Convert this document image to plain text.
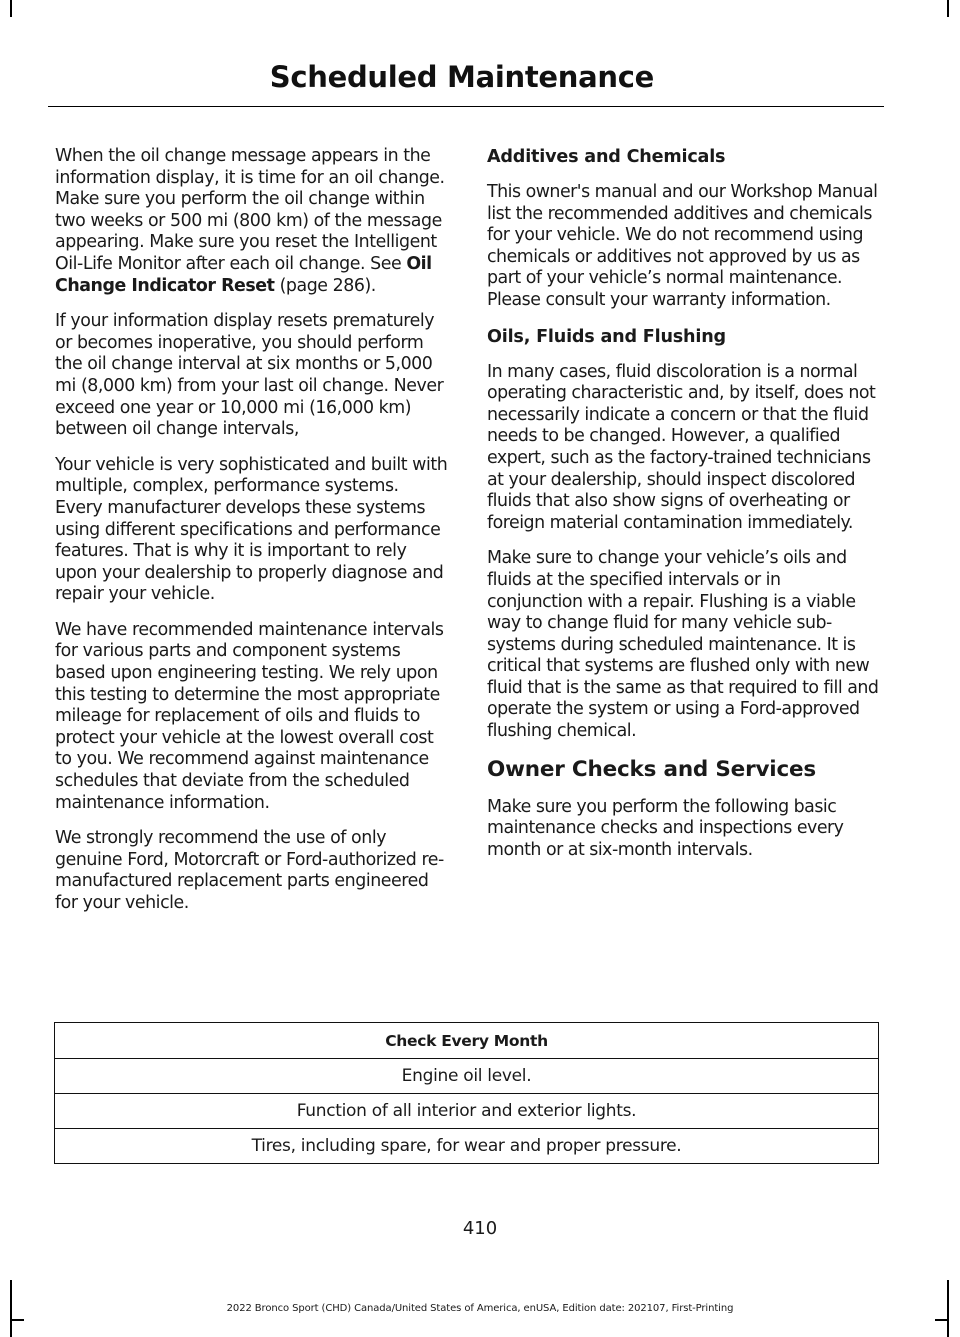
Scheduled Maintenance

When the oil change message appears in the information display, it is time for an oil change. Make sure you perform the oil change within two weeks or 500 mi (800 km) of the message appearing. Make sure you reset the Intelligent Oil-Life Monitor after each oil change. See Oil Change Indicator Reset (page 286).

If your information display resets prematurely or becomes inoperative, you should perform the oil change interval at six months or 5,000 mi (8,000 km) from your last oil change. Never exceed one year or 10,000 mi (16,000 km) between oil change intervals,

Your vehicle is very sophisticated and built with multiple, complex, performance systems. Every manufacturer develops these systems using different specifications and performance features. That is why it is important to rely upon your dealership to properly diagnose and repair your vehicle.

We have recommended maintenance intervals for various parts and component systems based upon engineering testing. We rely upon this testing to determine the most appropriate mileage for replacement of oils and fluids to protect your vehicle at the lowest overall cost to you. We recommend against maintenance schedules that deviate from the scheduled maintenance information.

We strongly recommend the use of only genuine Ford, Motorcraft or Ford-authorized re-manufactured replacement parts engineered for your vehicle.

Additives and Chemicals

This owner's manual and our Workshop Manual list the recommended additives and chemicals for your vehicle. We do not recommend using chemicals or additives not approved by us as part of your vehicle’s normal maintenance. Please consult your warranty information.

Oils, Fluids and Flushing

In many cases, fluid discoloration is a normal operating characteristic and, by itself, does not necessarily indicate a concern or that the fluid needs to be changed. However, a qualified expert, such as the factory-trained technicians at your dealership, should inspect discolored fluids that also show signs of overheating or foreign material contamination immediately.

Make sure to change your vehicle’s oils and fluids at the specified intervals or in conjunction with a repair. Flushing is a viable way to change fluid for many vehicle sub-systems during scheduled maintenance. It is critical that systems are flushed only with new fluid that is the same as that required to fill and operate the system or using a Ford-approved flushing chemical.

Owner Checks and Services

Make sure you perform the following basic maintenance checks and inspections every month or at six-month intervals.

Check Every Month
Engine oil level.
Function of all interior and exterior lights.
Tires, including spare, for wear and proper pressure.
410
2022 Bronco Sport (CHD) Canada/United States of America, enUSA, Edition date: 202107, First-Printing
